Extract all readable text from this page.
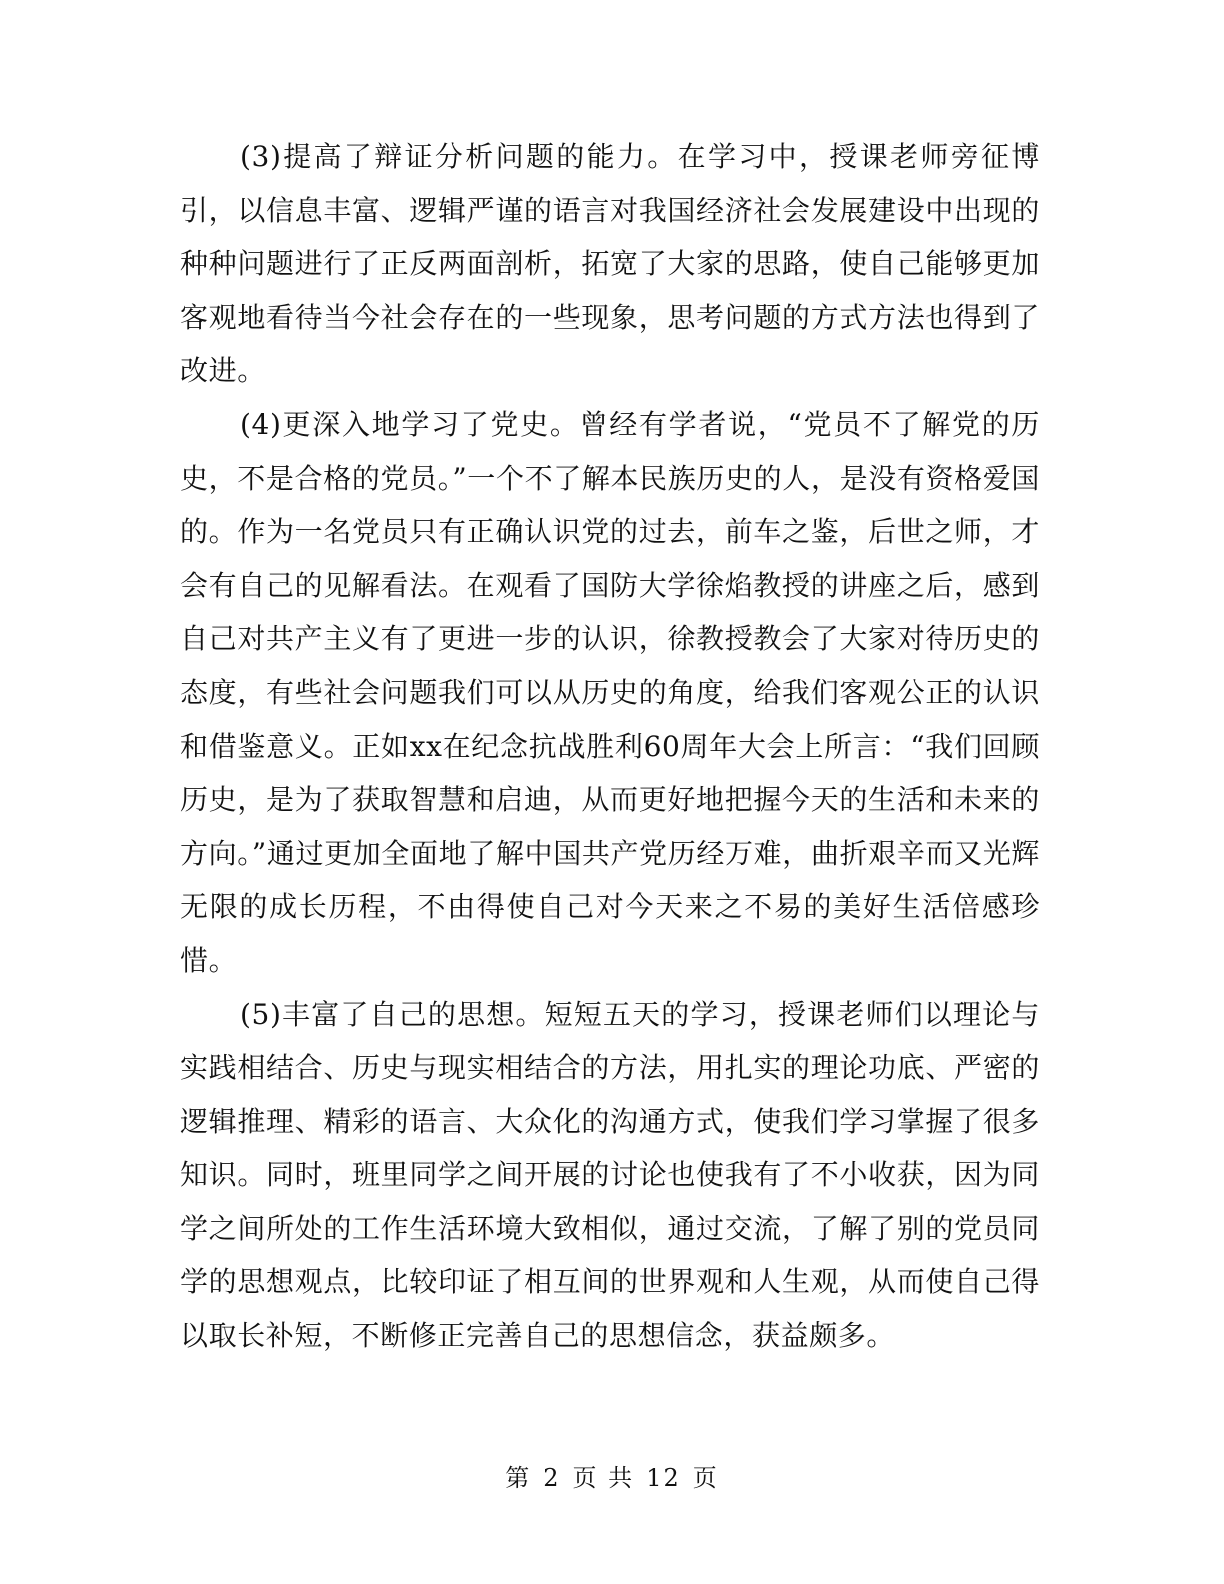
(3)提高了辩证分析问题的能力。在学习中，授课老师旁征博引，以信息丰富、逻辑严谨的语言对我国经济社会发展建设中出现的种种问题进行了正反两面剖析，拓宽了大家的思路，使自己能够更加客观地看待当今社会存在的一些现象，思考问题的方式方法也得到了改进。

(4)更深入地学习了党史。曾经有学者说，“党员不了解党的历史，不是合格的党员。”一个不了解本民族历史的人，是没有资格爱国的。作为一名党员只有正确认识党的过去，前车之鉴，后世之师，才会有自己的见解看法。在观看了国防大学徐焰教授的讲座之后，感到自己对共产主义有了更进一步的认识，徐教授教会了大家对待历史的态度，有些社会问题我们可以从历史的角度，给我们客观公正的认识和借鉴意义。正如xx在纪念抗战胜利60周年大会上所言：“我们回顾历史，是为了获取智慧和启迪，从而更好地把握今天的生活和未来的方向。”通过更加全面地了解中国共产党历经万难，曲折艰辛而又光辉无限的成长历程，不由得使自己对今天来之不易的美好生活倍感珍惜。

(5)丰富了自己的思想。短短五天的学习，授课老师们以理论与实践相结合、历史与现实相结合的方法，用扎实的理论功底、严密的逻辑推理、精彩的语言、大众化的沟通方式，使我们学习掌握了很多知识。同时，班里同学之间开展的讨论也使我有了不小收获，因为同学之间所处的工作生活环境大致相似，通过交流，了解了别的党员同学的思想观点，比较印证了相互间的世界观和人生观，从而使自己得以取长补短，不断修正完善自己的思想信念，获益颇多。

第 2 页 共 12 页
